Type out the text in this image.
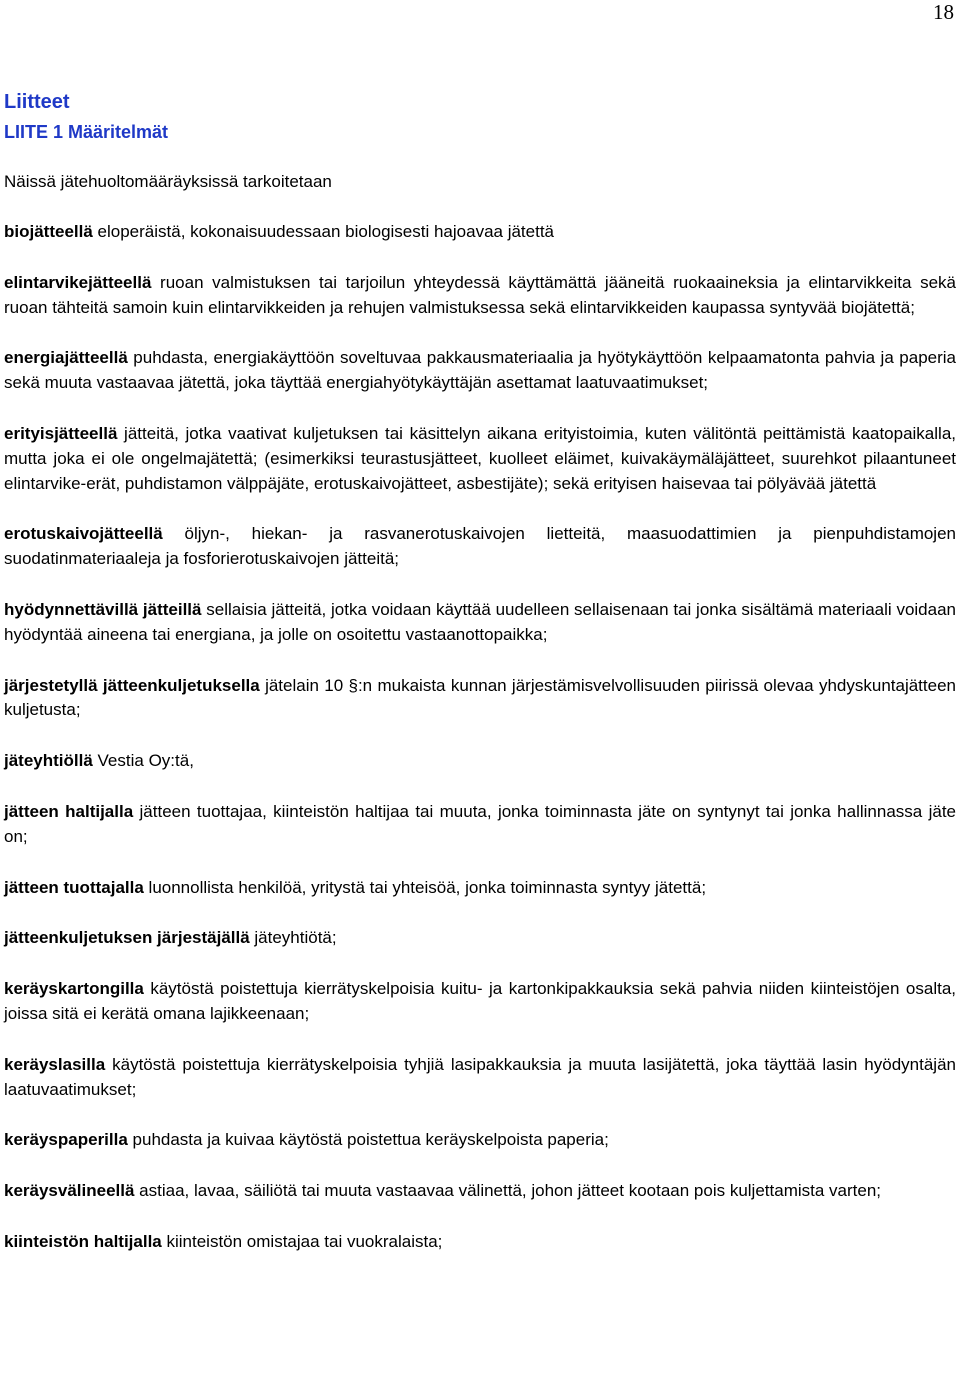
18
Liitteet
LIITE 1 Määritelmät

Näissä jätehuoltomääräyksissä tarkoitetaan

biojätteellä eloperäistä, kokonaisuudessaan biologisesti hajoavaa jätettä

elintarvikejätteellä ruoan valmistuksen tai tarjoilun yhteydessä käyttämättä jääneitä ruokaaineksia ja elintarvikkeita sekä ruoan tähteitä samoin kuin elintarvikkeiden ja rehujen valmistuksessa sekä elintarvikkeiden kaupassa syntyvää biojätettä;

energiajätteellä puhdasta, energiakäyttöön soveltuvaa pakkausmateriaalia ja hyötykäyttöön kelpaamatonta pahvia ja paperia sekä muuta vastaavaa jätettä, joka täyttää energiahyötykäyttäjän asettamat laatuvaatimukset;

erityisjätteellä jätteitä, jotka vaativat kuljetuksen tai käsittelyn aikana erityistoimia, kuten välitöntä peittämistä kaatopaikalla, mutta joka ei ole ongelmajätettä; (esimerkiksi teurastusjätteet, kuolleet eläimet, kuivakäymäläjätteet, suurehkot pilaantuneet elintarvike-erät, puhdistamon välppäjäte, erotuskaivojätteet, asbestijäte); sekä erityisen haisevaa tai pölyävää jätettä

erotuskaivojätteellä öljyn-, hiekan- ja rasvanerotuskaivojen lietteitä, maasuodattimien ja pienpuhdistamojen suodatinmateriaaleja ja fosforierotuskaivojen jätteitä;

hyödynnettävillä jätteillä sellaisia jätteitä, jotka voidaan käyttää uudelleen sellaisenaan tai jonka sisältämä materiaali voidaan hyödyntää aineena tai energiana, ja jolle on osoitettu vastaanottopaikka;

järjestetyllä jätteenkuljetuksella jätelain 10 §:n mukaista kunnan järjestämisvelvollisuuden piirissä olevaa yhdyskuntajätteen kuljetusta;

jäteyhtiöllä Vestia Oy:tä,

jätteen haltijalla jätteen tuottajaa, kiinteistön haltijaa tai muuta, jonka toiminnasta jäte on syntynyt tai jonka hallinnassa jäte on;

jätteen tuottajalla luonnollista henkilöä, yritystä tai yhteisöä, jonka toiminnasta syntyy jätettä;

jätteenkuljetuksen järjestäjällä jäteyhtiötä;

keräyskartongilla käytöstä poistettuja kierrätyskelpoisia kuitu- ja kartonkipakkauksia sekä pahvia niiden kiinteistöjen osalta, joissa sitä ei kerätä omana lajikkeenaan;

keräyslasilla käytöstä poistettuja kierrätyskelpoisia tyhjiä lasipakkauksia ja muuta lasijätettä, joka täyttää lasin hyödyntäjän laatuvaatimukset;

keräyspaperilla puhdasta ja kuivaa käytöstä poistettua keräyskelpoista paperia;

keräysvälineellä astiaa, lavaa, säiliötä tai muuta vastaavaa välinettä, johon jätteet kootaan pois kuljettamista varten;

kiinteistön haltijalla kiinteistön omistajaa tai vuokralaista;
